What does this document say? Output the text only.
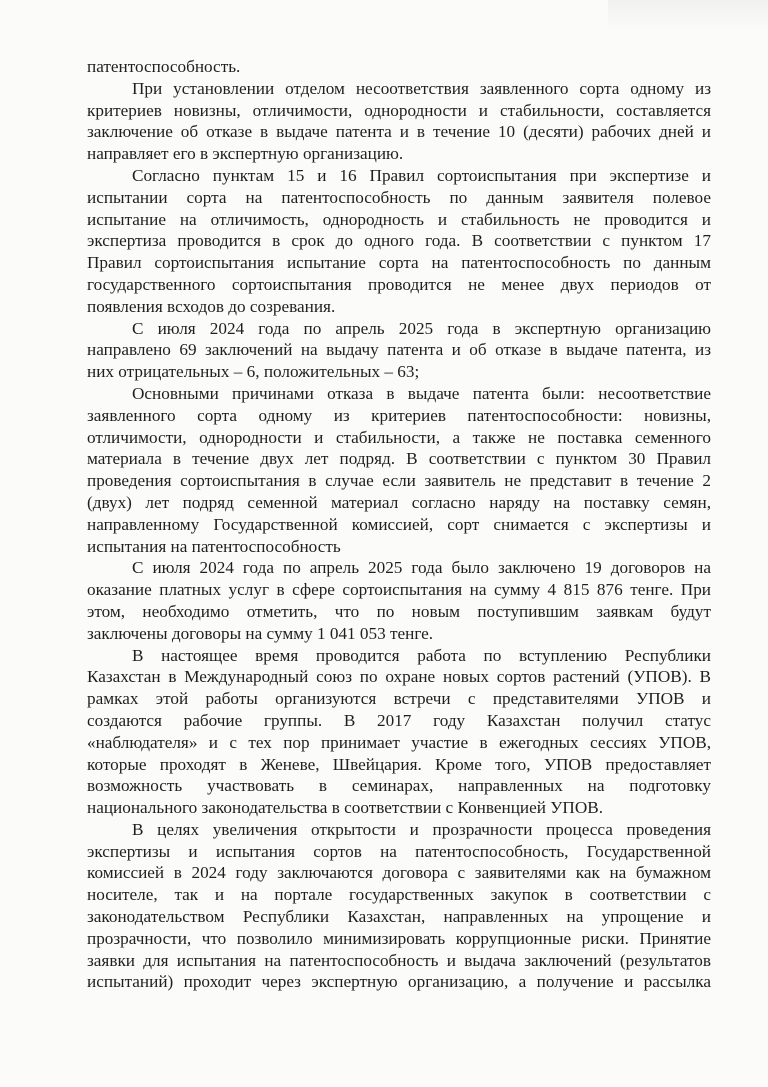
патентоспособность.
При установлении отделом несоответствия заявленного сорта одному из
критериев новизны, отличимости, однородности и стабильности, составляется
заключение об отказе в выдаче патента и в течение 10 (десяти) рабочих дней и
направляет его в экспертную организацию.
Согласно пунктам 15 и 16 Правил сортоиспытания при экспертизе и
испытании сорта на патентоспособность по данным заявителя полевое
испытание на отличимость, однородность и стабильность не проводится и
экспертиза проводится в срок до одного года. В соответствии с пунктом 17
Правил сортоиспытания испытание сорта на патентоспособность по данным
государственного сортоиспытания проводится не менее двух периодов от
появления всходов до созревания.
С июля 2024 года по апрель 2025 года в экспертную организацию
направлено 69 заключений на выдачу патента и об отказе в выдаче патента, из
них отрицательных – 6, положительных – 63;
Основными причинами отказа в выдаче патента были: несоответствие
заявленного сорта одному из критериев патентоспособности: новизны,
отличимости, однородности и стабильности, а также не поставка семенного
материала в течение двух лет подряд. В соответствии с пунктом 30 Правил
проведения сортоиспытания в случае если заявитель не представит в течение 2
(двух) лет подряд семенной материал согласно наряду на поставку семян,
направленному Государственной комиссией, сорт снимается с экспертизы и
испытания на патентоспособность
С июля 2024 года по апрель 2025 года было заключено 19 договоров на
оказание платных услуг в сфере сортоиспытания на сумму 4 815 876 тенге. При
этом, необходимо отметить, что по новым поступившим заявкам будут
заключены договоры на сумму 1 041 053 тенге.
В настоящее время проводится работа по вступлению Республики
Казахстан в Международный союз по охране новых сортов растений (УПОВ). В
рамках этой работы организуются встречи с представителями УПОВ и
создаются рабочие группы. В 2017 году Казахстан получил статус
«наблюдателя» и с тех пор принимает участие в ежегодных сессиях УПОВ,
которые проходят в Женеве, Швейцария. Кроме того, УПОВ предоставляет
возможность участвовать в семинарах, направленных на подготовку
национального законодательства в соответствии с Конвенцией УПОВ.
В целях увеличения открытости и прозрачности процесса проведения
экспертизы и испытания сортов на патентоспособность, Государственной
комиссией в 2024 году заключаются договора с заявителями как на бумажном
носителе, так и на портале государственных закупок в соответствии с
законодательством Республики Казахстан, направленных на упрощение и
прозрачности, что позволило минимизировать коррупционные риски. Принятие
заявки для испытания на патентоспособность и выдача заключений (результатов
испытаний) проходит через экспертную организацию, а получение и рассылка
